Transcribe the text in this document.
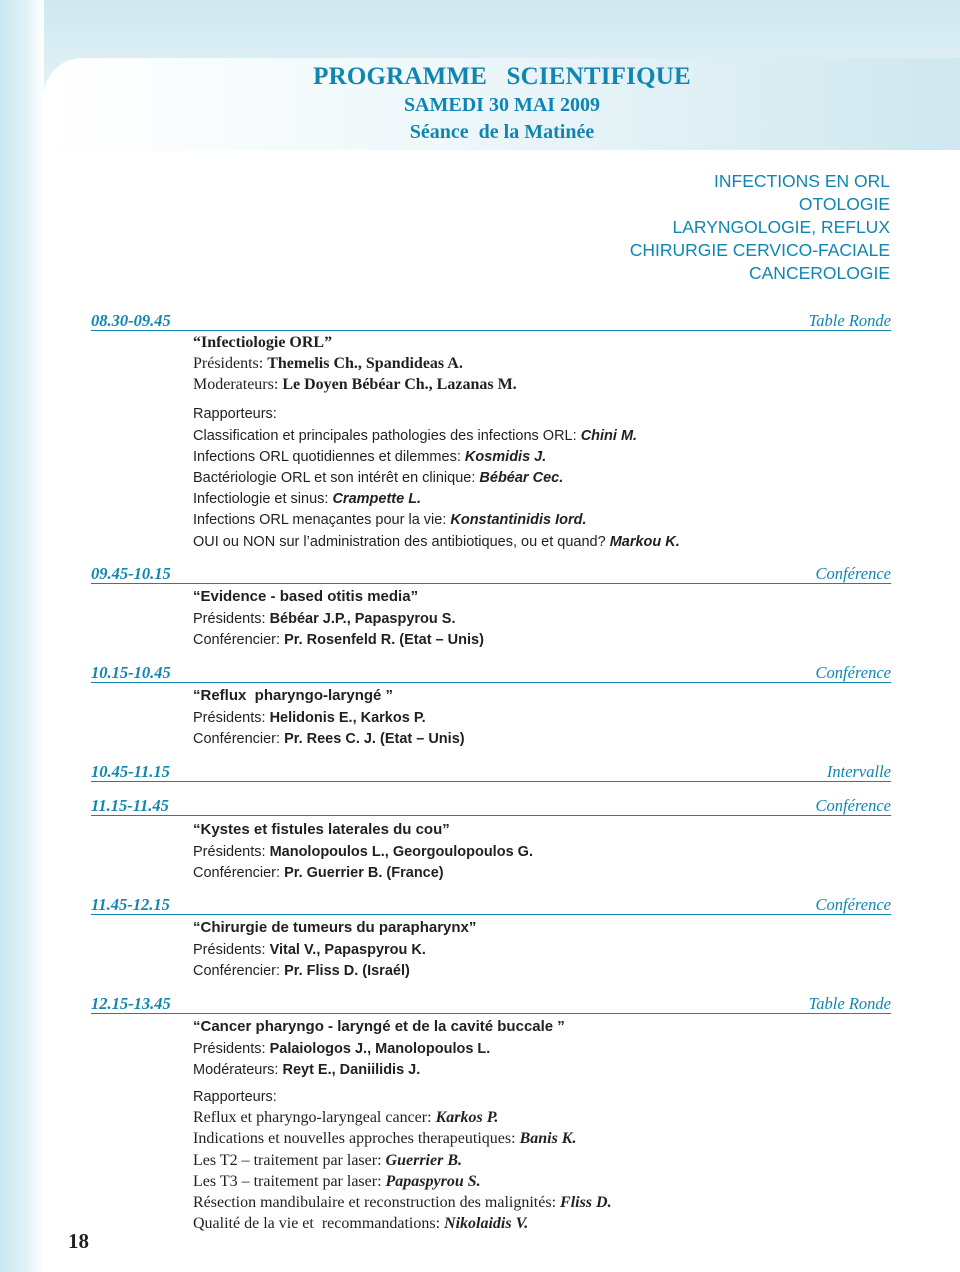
PROGRAMME   SCIENTIFIQUE
SAMEDI 30 MAI 2009
Séance  de la Matinée
INFECTIONS EN ORL
OTOLOGIE
LARYNGOLOGIE, REFLUX
CHIRURGIE CERVICO-FACIALE
CANCEROLOGIE
08.30-09.45	Table Ronde
“Infectiologie ORL”
Présidents: Themelis Ch., Spandideas A.
Moderateurs: Le Doyen Bébéar Ch., Lazanas M.
Rapporteurs:
Classification et principales pathologies des infections ORL: Chini M.
Infections ORL quotidiennes et dilemmes: Kosmidis J.
Bactériologie ORL et son intérêt en clinique: Bébéar Cec.
Infectiologie et sinus: Crampette L.
Infections ORL menaçantes pour la vie: Konstantinidis Iord.
OUI ou NON sur l’administration des antibiotiques, ou et quand? Markou K.
09.45-10.15	Conférence
“Evidence - based otitis media”
Présidents: Bébéar J.P., Papaspyrou S.
Conférencier: Pr. Rosenfeld R. (Etat – Unis)
10.15-10.45	Conférence
“Reflux  pharyngo-laryngé ”
Présidents: Helidonis E., Karkos P.
Conférencier: Pr. Rees C. J. (Etat – Unis)
10.45-11.15	Intervalle
11.15-11.45	Conférence
“Kystes et fistules laterales du cou”
Présidents: Manolopoulos L., Georgoulopoulos G.
Conférencier: Pr. Guerrier B. (France)
11.45-12.15	Conférence
“Chirurgie de tumeurs du parapharynx”
Présidents: Vital V., Papaspyrou K.
Conférencier: Pr. Fliss D. (Israél)
12.15-13.45	Table Ronde
“Cancer pharyngo - laryngé et de la cavité buccale ”
Présidents: Palaiologos J., Manolopoulos L.
Modérateurs: Reyt E., Daniilidis J.
Rapporteurs:
Reflux et pharyngo-laryngeal cancer: Karkos P.
Indications et nouvelles approches therapeutiques: Banis K.
Les T2 – traitement par laser: Guerrier B.
Les T3 – traitement par laser: Papaspyrou S.
Résection mandibulaire et reconstruction des malignités: Fliss D.
Qualité de la vie et  recommandations: Nikolaidis V.
18
